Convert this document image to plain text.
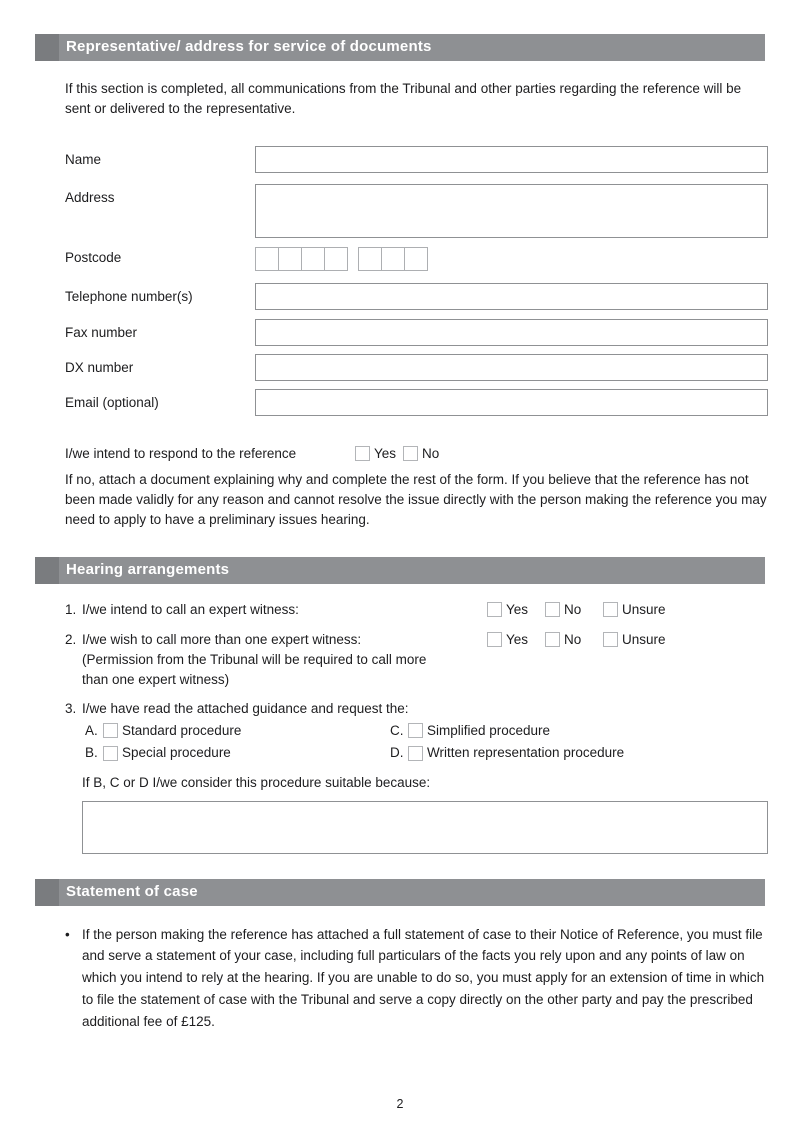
Representative/ address for service of documents

If this section is completed, all communications from the Tribunal and other parties regarding the reference will be sent or delivered to the representative.

Name
Address
Postcode
Telephone number(s)
Fax number
DX number
Email (optional)
I/we intend to respond to the reference	Yes No

If no, attach a document explaining why and complete the rest of the form. If you believe that the reference has not been made validly for any reason and cannot resolve the issue directly with the person making the reference you may need to apply to have a preliminary issues hearing.

Hearing arrangements
1. I/we intend to call an expert witness:	Yes	No	Unsure
2. I/we wish to call more than one expert witness:
(Permission from the Tribunal will be required to call more than one expert witness)
Yes	No	Unsure
3. I/we have read the attached guidance and request the:
A.	Standard procedure	C.	Simplified procedure
B.	Special procedure	D.	Written representation procedure
If B, C or D I/we consider this procedure suitable because:
Statement of case
• If the person making the reference has attached a full statement of case to their Notice of Reference, you must file and serve a statement of your case, including full particulars of the facts you rely upon and any points of law on which you intend to rely at the hearing. If you are unable to do so, you must apply for an extension of time in which to file the statement of case with the Tribunal and serve a copy directly on the other party and pay the prescribed additional fee of £125.
2
